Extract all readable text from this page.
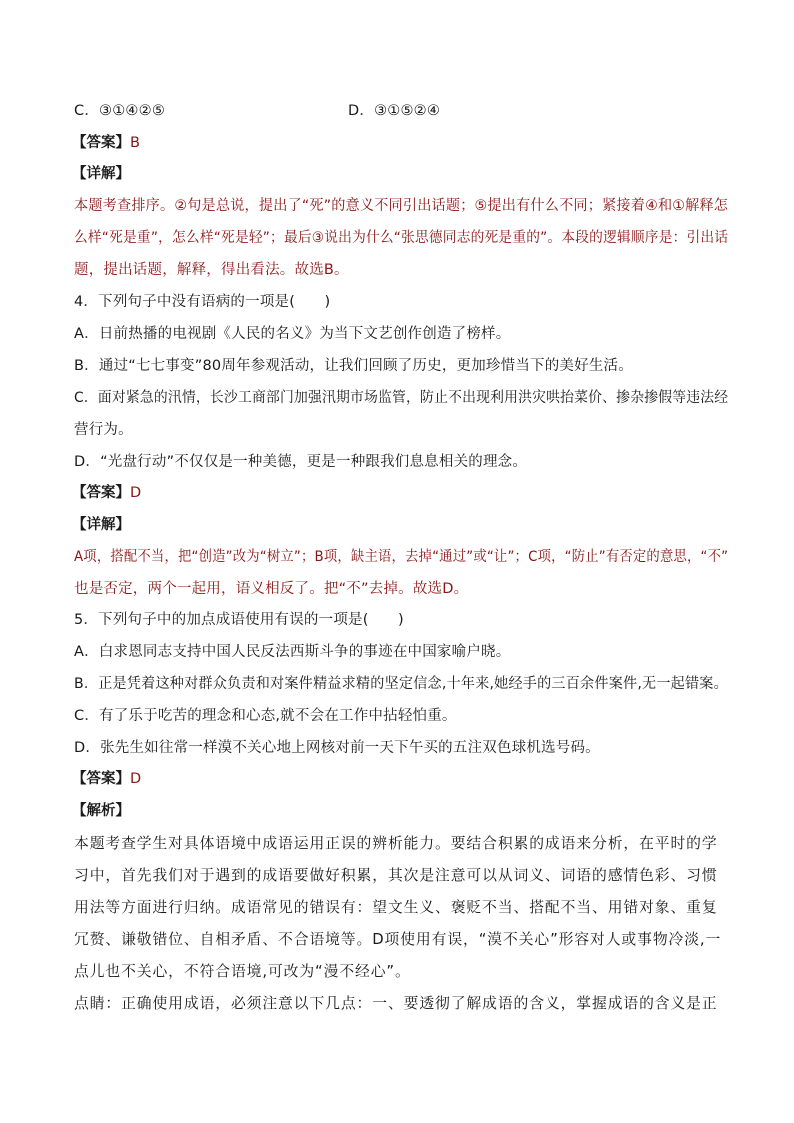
C．③①④②⑤	D．③①⑤②④
【答案】B
【详解】
本题考查排序。②句是总说，提出了“死”的意义不同引出话题；⑤提出有什么不同；紧接着④和①解释怎
么样“死是重”，怎么样“死是轻”；最后③说出为什么“张思德同志的死是重的”。本段的逻辑顺序是：引出话
题，提出话题，解释，得出看法。故选B。
4．下列句子中没有语病的一项是(　　)
A．日前热播的电视剧《人民的名义》为当下文艺创作创造了榜样。
B．通过“七七事变”80周年参观活动，让我们回顾了历史，更加珍惜当下的美好生活。
C．面对紧急的汛情，长沙工商部门加强汛期市场监管，防止不出现利用洪灾哄抬菜价、掺杂掺假等违法经
营行为。
D．“光盘行动”不仅仅是一种美德，更是一种跟我们息息相关的理念。
【答案】D
【详解】
A项，搭配不当，把“创造”改为“树立”；B项，缺主语，去掉“通过”或“让”；C项，“防止”有否定的意思，“不”
也是否定，两个一起用，语义相反了。把“不”去掉。故选D。
5．下列句子中的加点成语使用有误的一项是(　　)
A．白求恩同志支持中国人民反法西斯斗争的事迹在中国家喻户晓。
B．正是凭着这种对群众负责和对案件精益求精的坚定信念,十年来,她经手的三百余件案件,无一起错案。
C．有了乐于吃苦的理念和心态,就不会在工作中拈轻怕重。
D．张先生如往常一样漠不关心地上网核对前一天下午买的五注双色球机选号码。
【答案】D
【解析】
本题考查学生对具体语境中成语运用正误的辨析能力。要结合积累的成语来分析，在平时的学
习中，首先我们对于遇到的成语要做好积累，其次是注意可以从词义、词语的感情色彩、习惯
用法等方面进行归纳。成语常见的错误有：望文生义、褒贬不当、搭配不当、用错对象、重复
冗赘、谦敬错位、自相矛盾、不合语境等。D项使用有误，“漠不关心”形容对人或事物冷淡,一
点儿也不关心，不符合语境,可改为“漫不经心”。
点睛：正确使用成语，必须注意以下几点：一、要透彻了解成语的含义，掌握成语的含义是正
